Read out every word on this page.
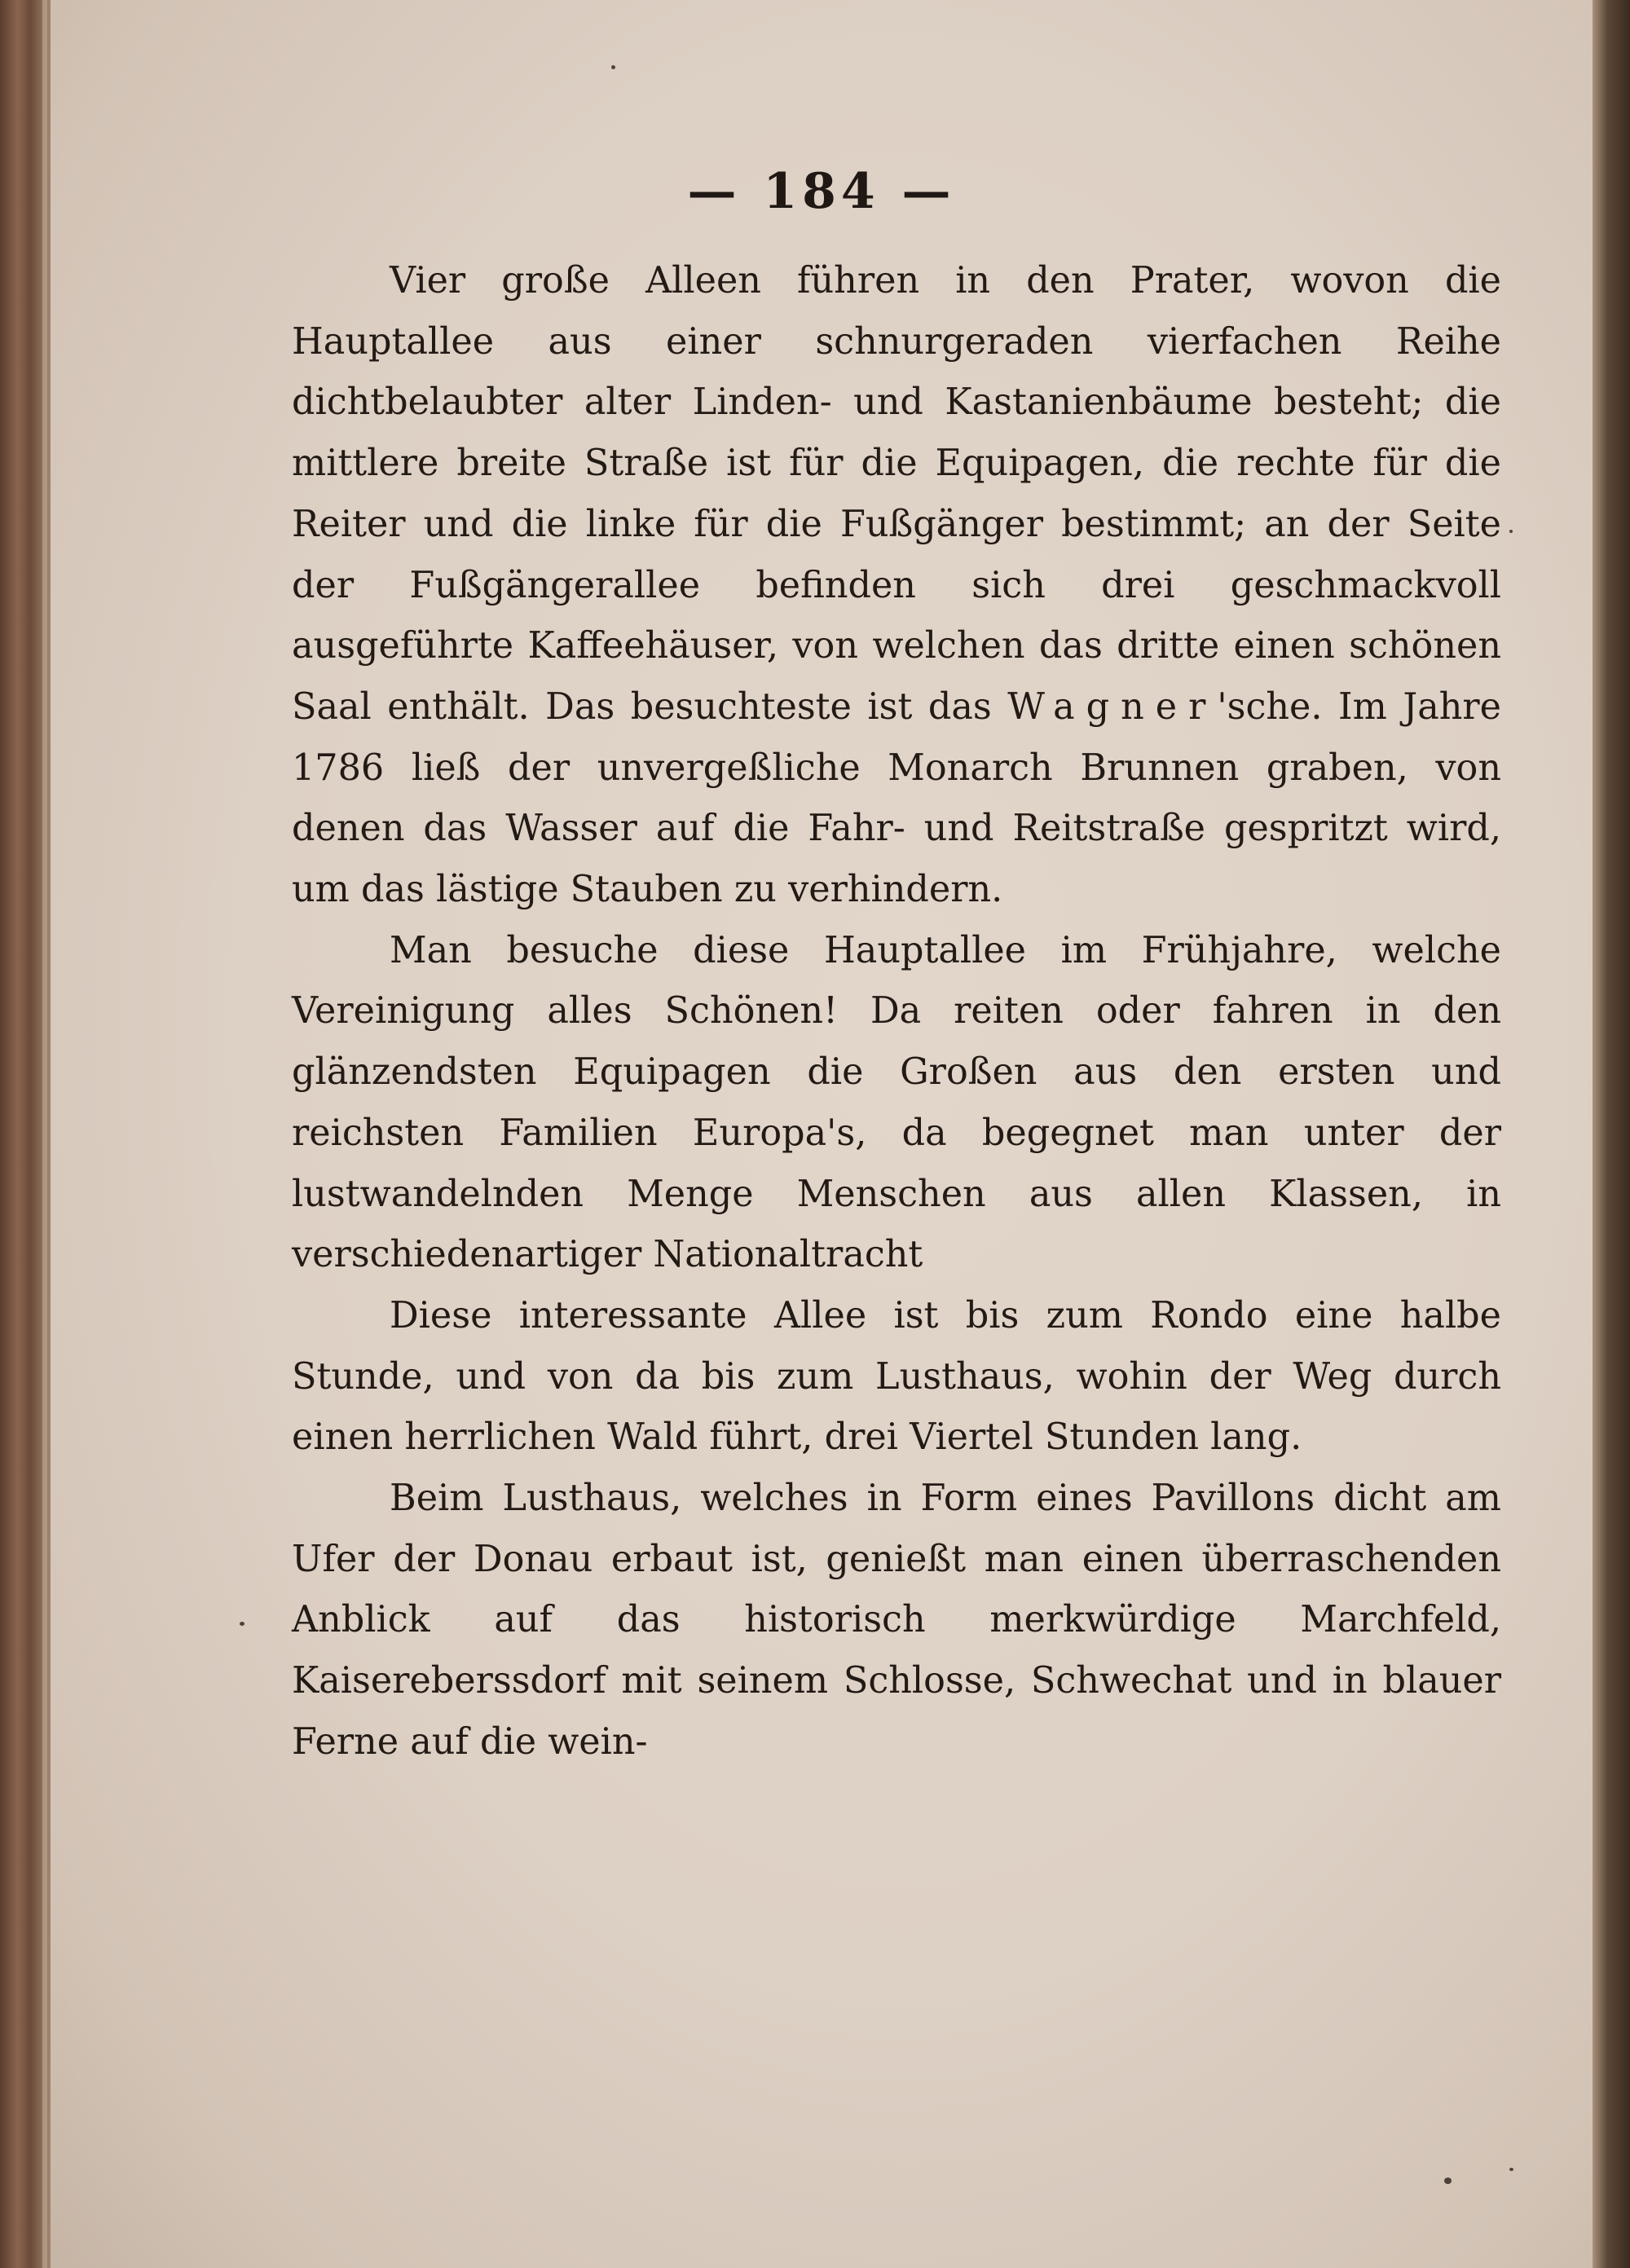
— 184 —

Vier große Alleen führen in den Prater, wovon die Hauptallee aus einer schnurgeraden vierfachen Reihe dichtbelaubter alter Linden- und Kastanienbäume besteht; die mittlere breite Straße ist für die Equipagen, die rechte für die Reiter und die linke für die Fußgänger bestimmt; an der Seite der Fußgängerallee befinden sich drei geschmackvoll ausgeführte Kaffeehäuser, von welchen das dritte einen schönen Saal enthält. Das besuchteste ist das Wagner'sche. Im Jahre 1786 ließ der unvergeßliche Monarch Brunnen graben, von denen das Wasser auf die Fahr- und Reitstraße gespritzt wird, um das lästige Stauben zu verhindern.

Man besuche diese Hauptallee im Frühjahre, welche Vereinigung alles Schönen! Da reiten oder fahren in den glänzendsten Equipagen die Großen aus den ersten und reichsten Familien Europa's, da begegnet man unter der lustwandelnden Menge Menschen aus allen Klassen, in verschiedenartiger Nationaltracht

Diese interessante Allee ist bis zum Rondo eine halbe Stunde, und von da bis zum Lusthaus, wohin der Weg durch einen herrlichen Wald führt, drei Viertel Stunden lang.

Beim Lusthaus, welches in Form eines Pavillons dicht am Ufer der Donau erbaut ist, genießt man einen überraschenden Anblick auf das historisch merkwürdige Marchfeld, Kaisereberssdorf mit seinem Schlosse, Schwechat und in blauer Ferne auf die wein-
